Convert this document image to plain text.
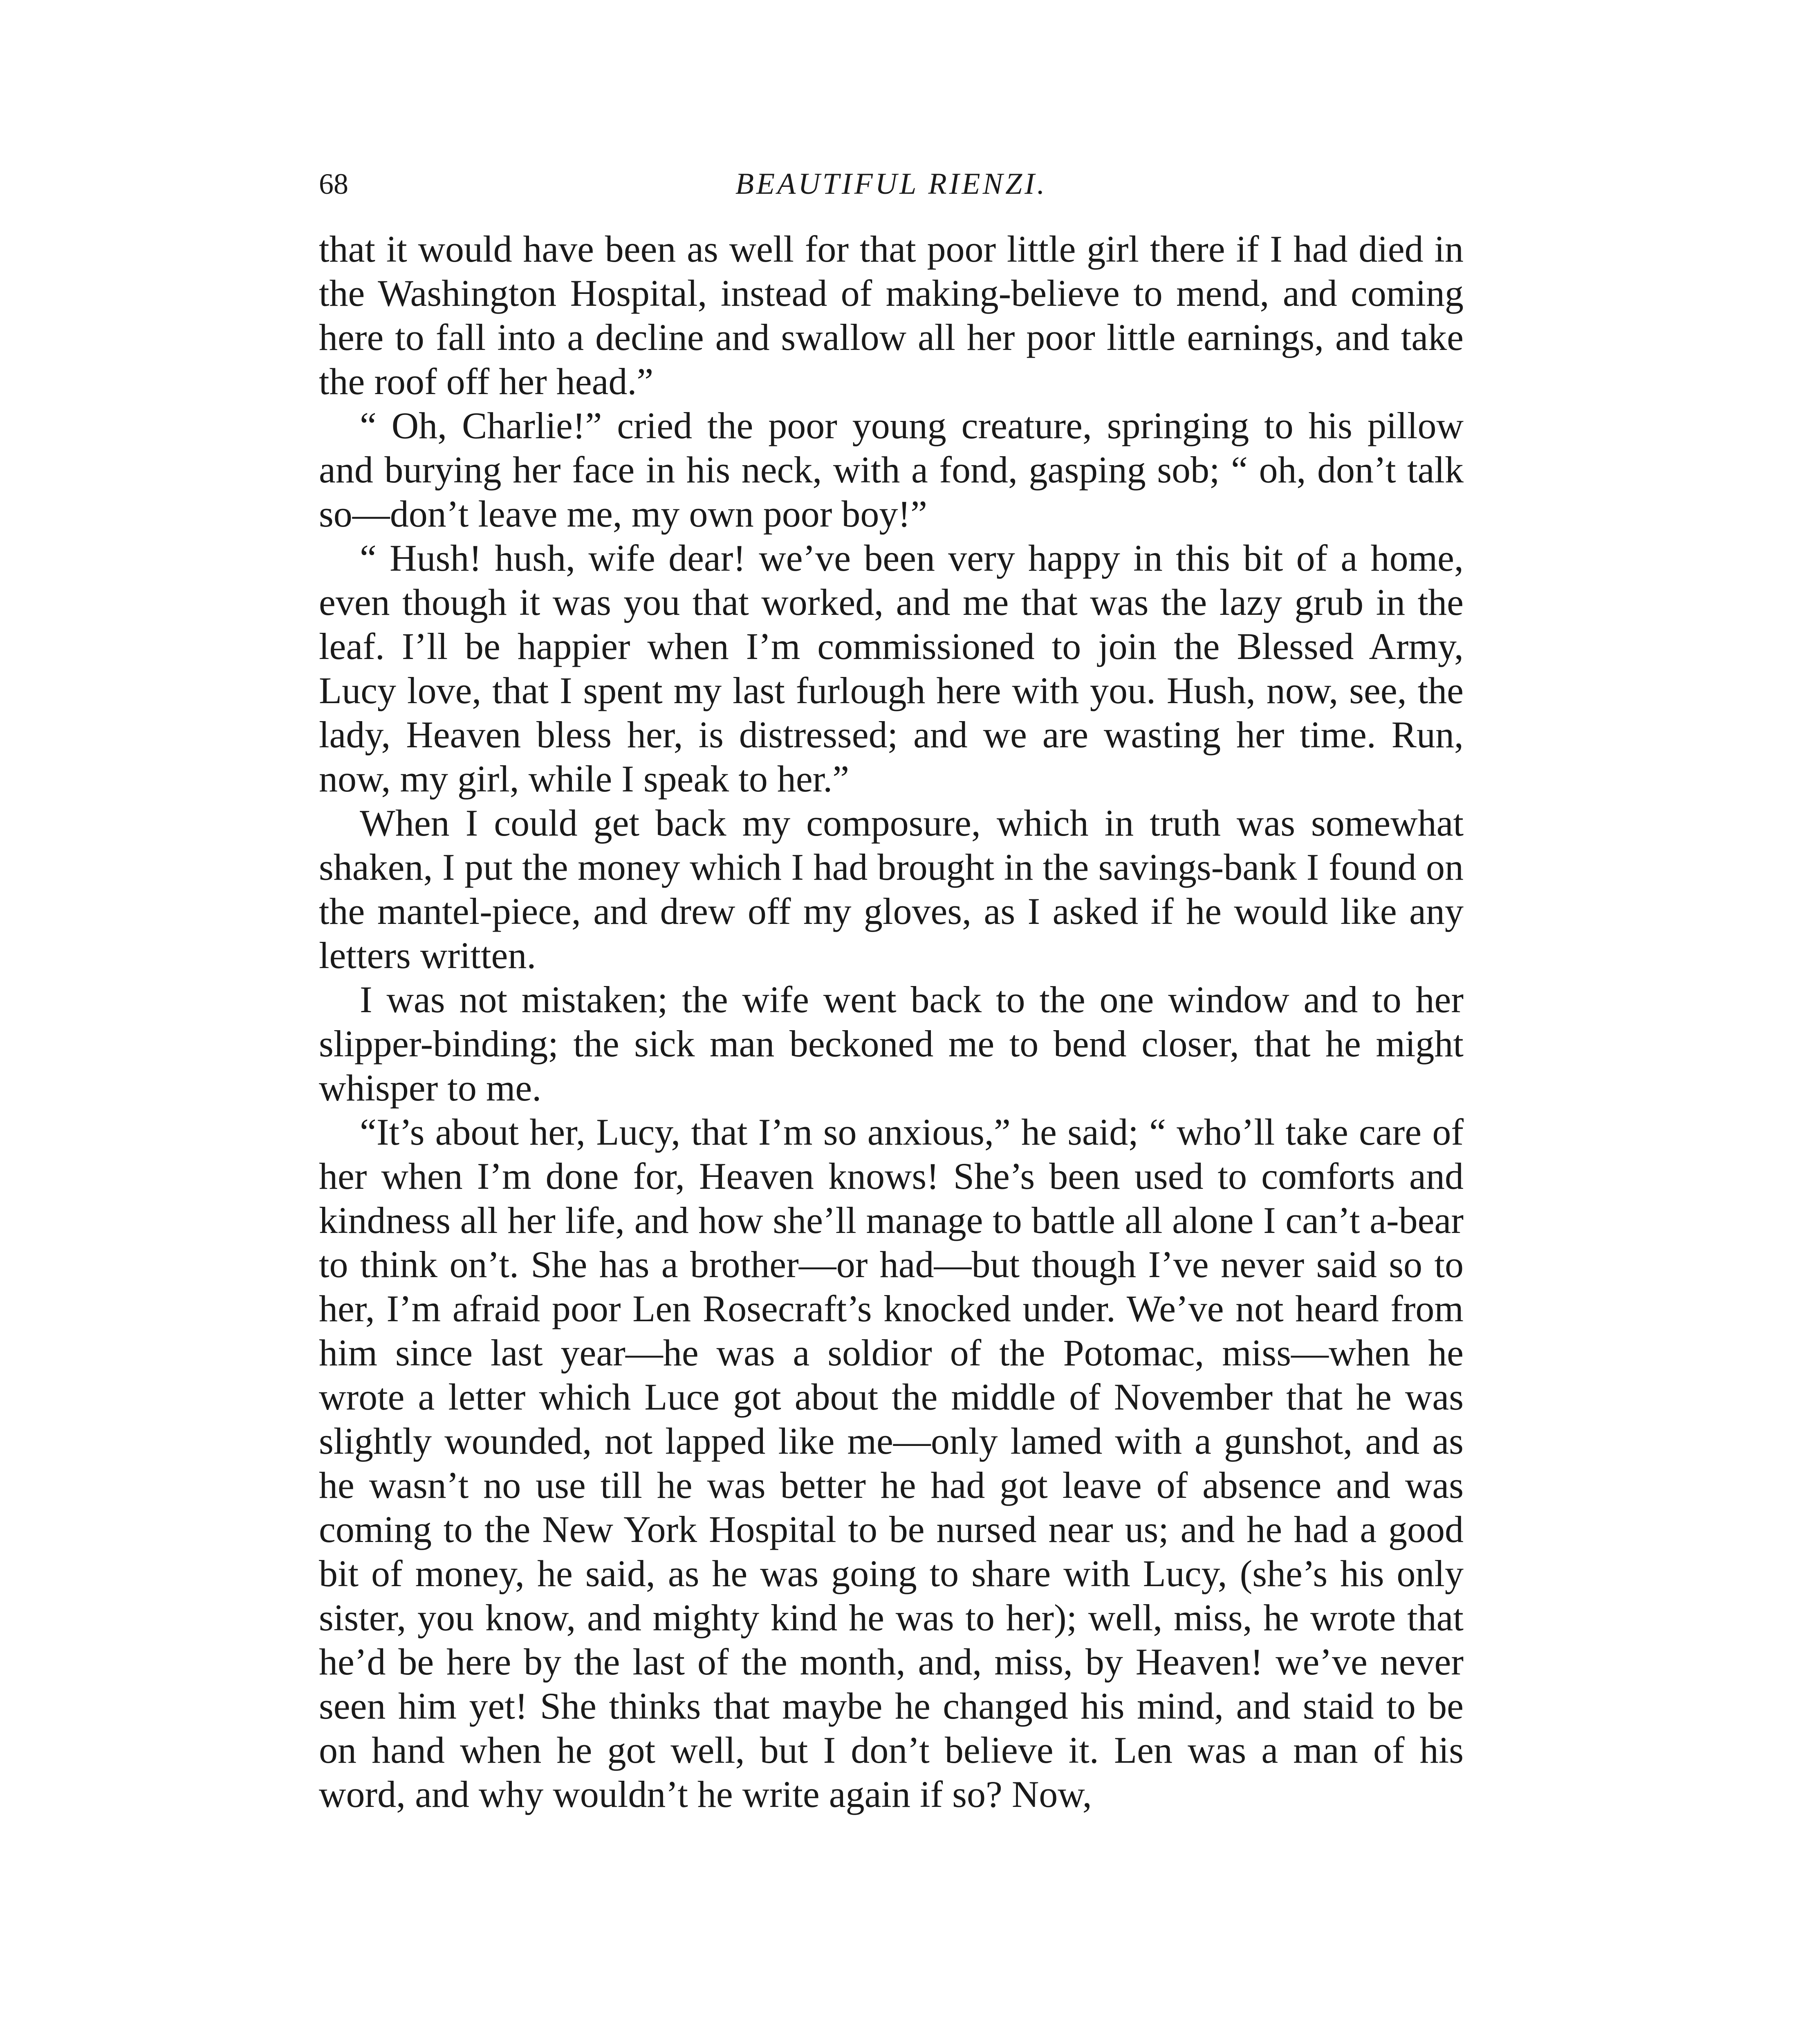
68	BEAUTIFUL RIENZI.

that it would have been as well for that poor little girl there if I had died in the Washington Hospital, instead of making-believe to mend, and coming here to fall into a decline and swallow all her poor little earnings, and take the roof off her head.”

“ Oh, Charlie!” cried the poor young creature, springing to his pillow and burying her face in his neck, with a fond, gasping sob; “ oh, don’t talk so—don’t leave me, my own poor boy!”

“ Hush! hush, wife dear! we’ve been very happy in this bit of a home, even though it was you that worked, and me that was the lazy grub in the leaf. I’ll be happier when I’m commissioned to join the Blessed Army, Lucy love, that I spent my last furlough here with you. Hush, now, see, the lady, Heaven bless her, is distressed; and we are wasting her time. Run, now, my girl, while I speak to her.”

When I could get back my composure, which in truth was somewhat shaken, I put the money which I had brought in the savings-bank I found on the mantel-piece, and drew off my gloves, as I asked if he would like any letters written.

I was not mistaken; the wife went back to the one window and to her slipper-binding; the sick man beckoned me to bend closer, that he might whisper to me.

“It’s about her, Lucy, that I’m so anxious,” he said; “ who’ll take care of her when I’m done for, Heaven knows! She’s been used to comforts and kindness all her life, and how she’ll manage to battle all alone I can’t a-bear to think on’t. She has a brother—or had—but though I’ve never said so to her, I’m afraid poor Len Rosecraft’s knocked under. We’ve not heard from him since last year—he was a soldior of the Potomac, miss—when he wrote a letter which Luce got about the middle of November that he was slightly wounded, not lapped like me—only lamed with a gunshot, and as he wasn’t no use till he was better he had got leave of absence and was coming to the New York Hospital to be nursed near us; and he had a good bit of money, he said, as he was going to share with Lucy, (she’s his only sister, you know, and mighty kind he was to her); well, miss, he wrote that he’d be here by the last of the month, and, miss, by Heaven! we’ve never seen him yet! She thinks that maybe he changed his mind, and staid to be on hand when he got well, but I don’t believe it. Len was a man of his word, and why wouldn’t he write again if so? Now,
